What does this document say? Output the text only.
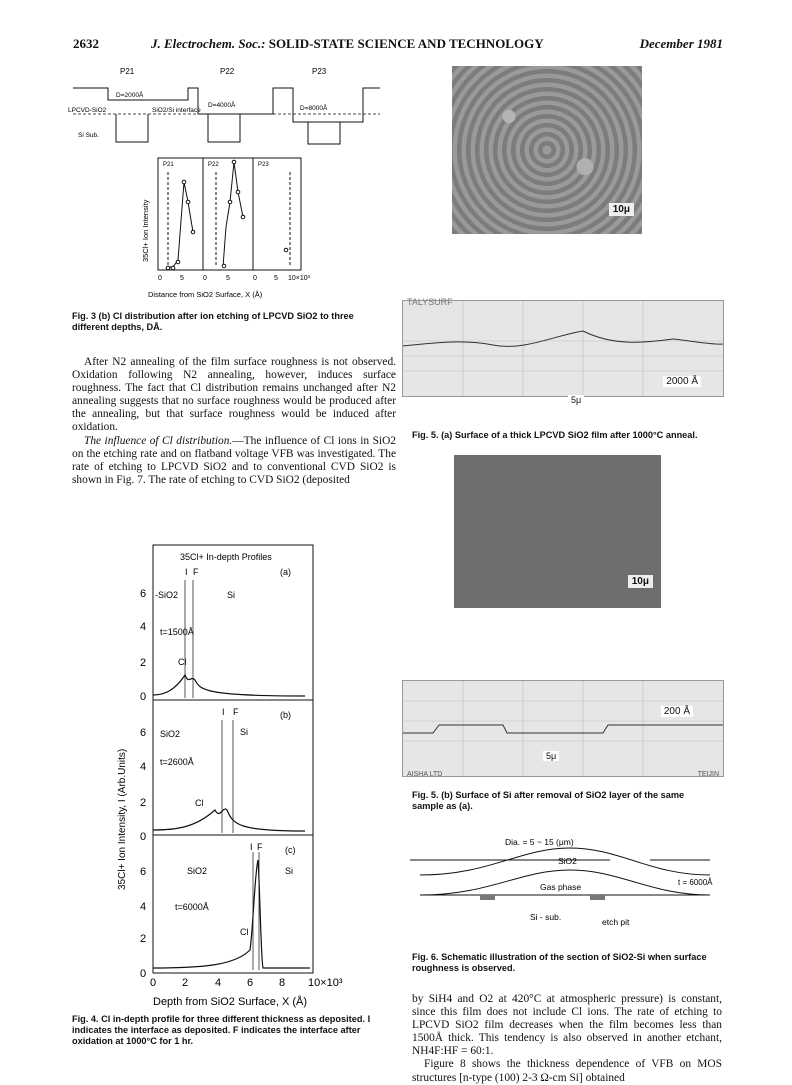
2632	J. Electrochem. Soc.: SOLID-STATE SCIENCE AND TECHNOLOGY	December 1981
P21	P22	P23
D=2000Å
D=4000Å	D=8000Å
LPCVD-SiO2
Si Sub.
SiO2/Si interface
P21	P22	P23
35Cl+ Ion Intensity
0	5	0	5	0 5 10×10³
Distance from SiO2 Surface, X (Å)
Fig. 3 (b) Cl distribution after ion etching of LPCVD SiO2 to three different depths, DÅ.

After N2 annealing of the film surface roughness is not observed. Oxidation following N2 annealing, however, induces surface roughness. The fact that Cl distribution remains unchanged after N2 annealing suggests that no surface roughness would be produced after the annealing, but that surface roughness would be induced after oxidation.

The influence of Cl distribution.—The influence of Cl ions in SiO2 on the etching rate and on flatband voltage VFB was investigated. The rate of etching to LPCVD SiO2 and to conventional CVD SiO2 is shown in Fig. 7. The rate of etching to CVD SiO2 (deposited

35Cl+ In-depth Profiles
35Cl+ Ion Intensity, I (Arb.Units)
I F	(a)
-SiO2	Si
t=1500Å
Cl
I F	(b)
SiO2	Si
t=2600Å
Cl
I F	(c)
SiO2	Si
t=6000Å
Cl
6
4
2
0
6
4
2
0
6
4
2
0
0 2 4 6 8 10×10³
Depth from SiO2 Surface, X (Å)
Fig. 4. Cl in-depth profile for three different thickness as deposited. I indicates the interface as deposited. F indicates the interface after oxidation at 1000°C for 1 hr.
10μ
TALYSURF
2000 Å
5μ
Fig. 5. (a) Surface of a thick LPCVD SiO2 film after 1000°C anneal.
10μ
200 Å
5μ
AISHA LTD	TEIJIN
Fig. 5. (b) Surface of Si after removal of SiO2 layer of the same sample as (a).
Dia. = 5 ~ 15 (μm)
SiO2
Gas phase	t = 6000Å
Si - sub.	etch pit
Fig. 6. Schematic illustration of the section of SiO2-Si when surface roughness is observed.

by SiH4 and O2 at 420°C at atmospheric pressure) is constant, since this film does not include Cl ions. The rate of etching to LPCVD SiO2 film decreases when the film becomes less than 1500Å thick. This tendency is also observed in another etchant, NH4F:HF = 60:1.

Figure 8 shows the thickness dependence of VFB on MOS structures [n-type (100) 2-3 Ω-cm Si] obtained
